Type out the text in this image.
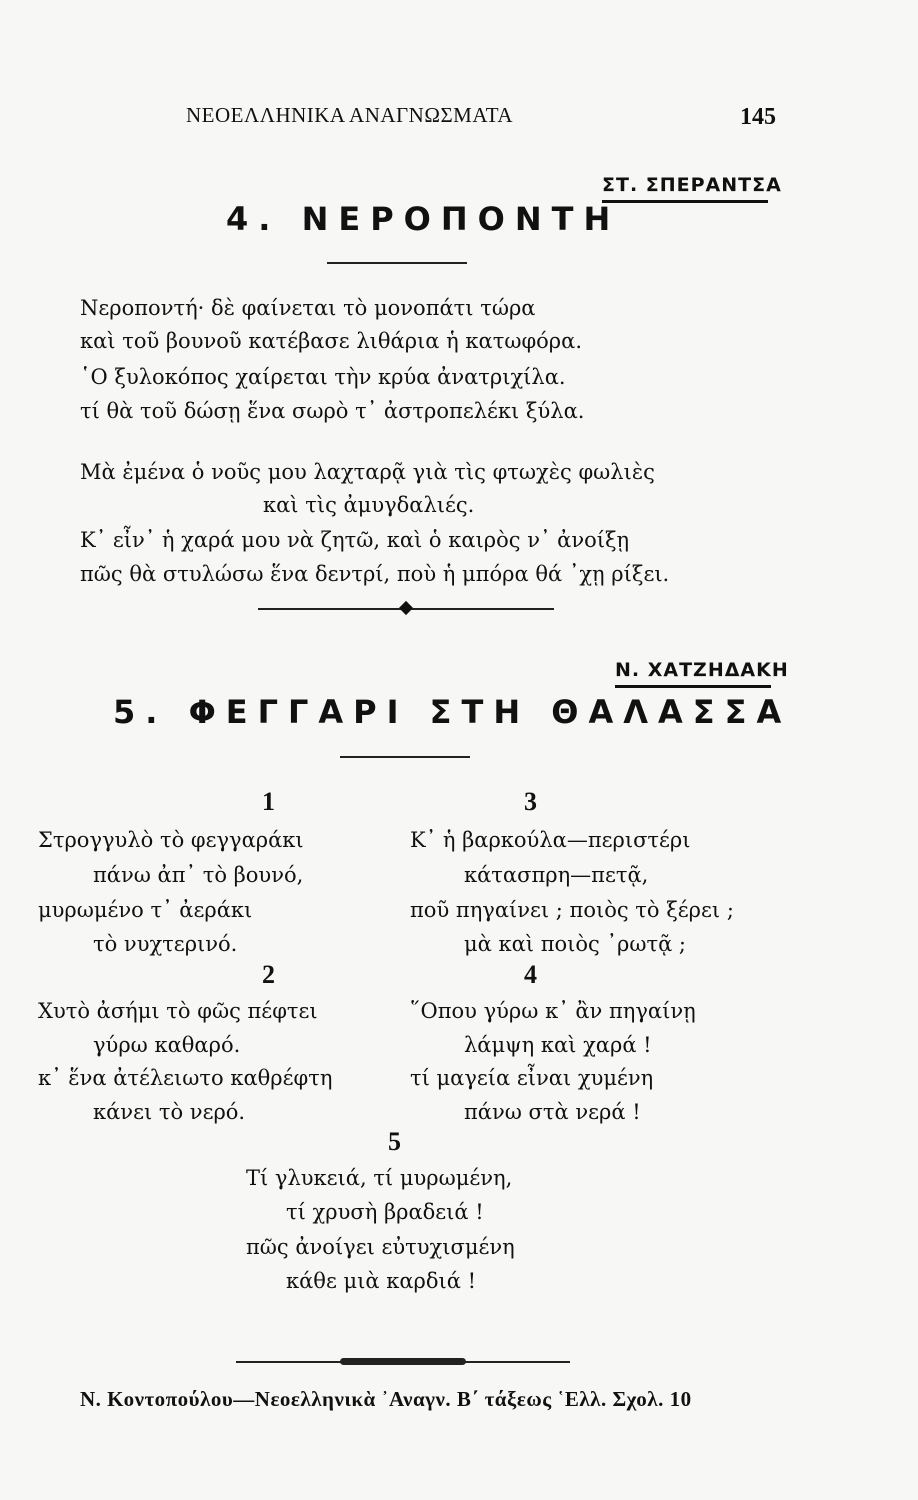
ΝΕΟΕΛΛΗΝΙΚΑ ΑΝΑΓΝΩΣΜΑΤΑ	145
ΣΤ. ΣΠΕΡΑΝΤΣΑ
4. ΝΕΡΟΠΟΝΤΗ
Νεροποντή· δὲ φαίνεται τὸ μονοπάτι τώρα
καὶ τοῦ βουνοῦ κατέβασε λιθάρια ἡ κατωφόρα.
῾Ο ξυλοκόπος χαίρεται τὴν κρύα ἀνατριχίλα.
τί θὰ τοῦ δώσῃ ἕνα σωρὸ τ᾿ ἀστροπελέκι ξύλα.
Μὰ ἐμένα ὁ νοῦς μου λαχταρᾷ γιὰ τὶς φτωχὲς φωλιὲς
καὶ τὶς ἀμυγδαλιές.
Κ᾿ εἶν᾿ ἡ χαρά μου νὰ ζητῶ, καὶ ὁ καιρὸς ν᾿ ἀνοίξῃ
πῶς θὰ στυλώσω ἕνα δεντρί, ποὺ ἡ μπόρα θά ᾿χῃ ρίξει.
Ν. ΧΑΤΖΗΔΑΚΗ
5. ΦΕΓΓΑΡΙ ΣΤΗ ΘΑΛΑΣΣΑ
1	3
2	4
5
Στρογγυλὸ τὸ φεγγαράκι
πάνω ἀπ᾿ τὸ βουνό,
μυρωμένο τ᾿ ἀεράκι
τὸ νυχτερινό.
Κ᾿ ἡ βαρκούλα—περιστέρι
κάτασπρη—πετᾷ,
ποῦ πηγαίνει ; ποιὸς τὸ ξέρει ;
μὰ καὶ ποιὸς ᾿ρωτᾷ ;
Χυτὸ ἀσήμι τὸ φῶς πέφτει
γύρω καθαρό.
κ᾿ ἕνα ἀτέλειωτο καθρέφτη
κάνει τὸ νερό.
῞Οπου γύρω κ᾿ ἂν πηγαίνῃ
λάμψη καὶ χαρά !
τί μαγεία εἶναι χυμένη
πάνω στὰ νερά !
Τί γλυκειά, τί μυρωμένη,
τί χρυσὴ βραδειά !
πῶς ἀνοίγει εὐτυχισμένη
κάθε μιὰ καρδιά !
Ν. Κοντοπούλου—Νεοελληνικὰ ᾿Αναγν. Β΄ τάξεως ῾Ελλ. Σχολ. 10
